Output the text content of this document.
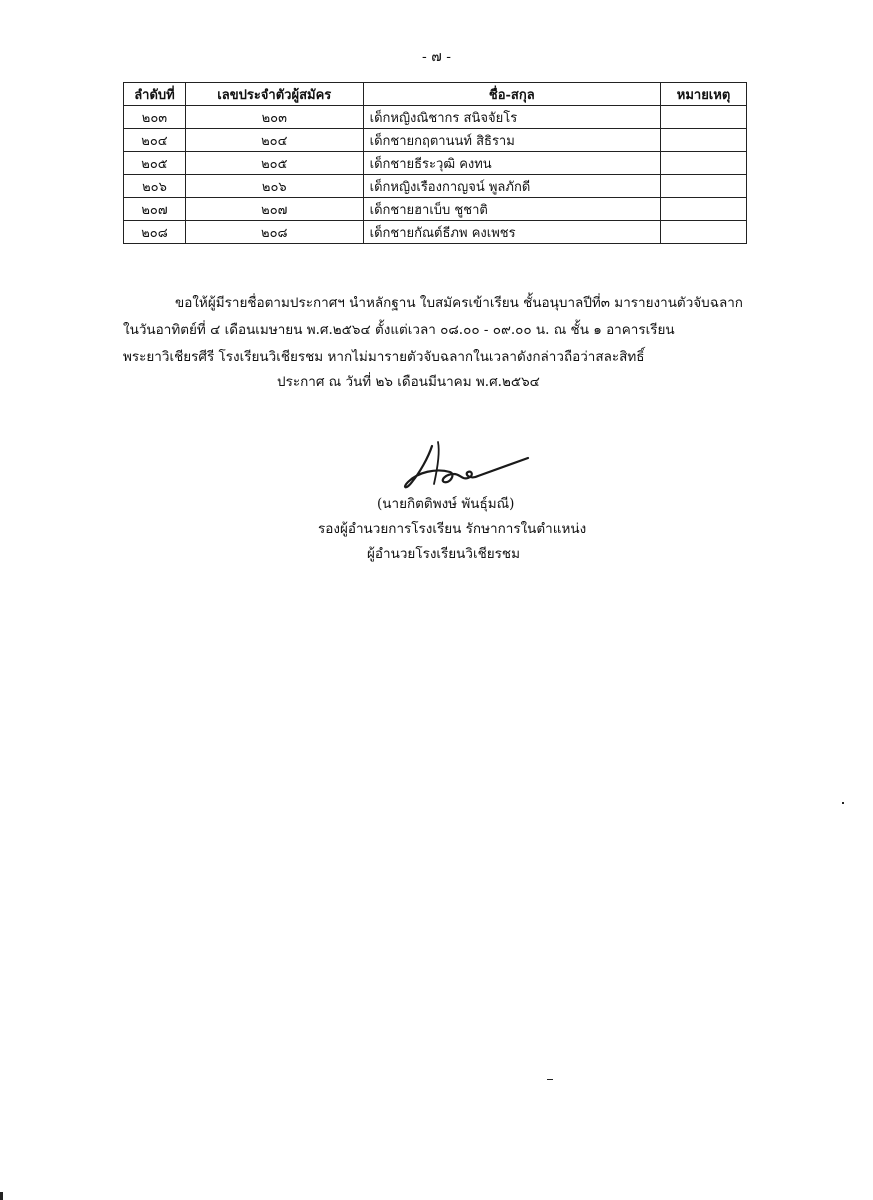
- ๗ -
ลำดับที่	เลขประจำตัวผู้สมัคร	ชื่อ-สกุล	หมายเหตุ
๒๐๓	๒๐๓	เด็กหญิงณิชากร สนิจจัยโร	
๒๐๔	๒๐๔	เด็กชายกฤตานนท์ สิธิราม	
๒๐๕	๒๐๕	เด็กชายธีระวุฒิ คงทน	
๒๐๖	๒๐๖	เด็กหญิงเรืองกาญจน์ พูลภักดี	
๒๐๗	๒๐๗	เด็กชายฮาเบ็บ ชูชาติ	
๒๐๘	๒๐๘	เด็กชายกัณต์ธีภพ คงเพชร	

ขอให้ผู้มีรายชื่อตามประกาศฯ นำหลักฐาน ใบสมัครเข้าเรียน ชั้นอนุบาลปีที่๓ มารายงานตัวจับฉลาก

ในวันอาทิตย์ที่ ๔ เดือนเมษายน พ.ศ.๒๕๖๔ ตั้งแต่เวลา ๐๘.๐๐ - ๐๙.๐๐ น. ณ ชั้น ๑ อาคารเรียน

พระยาวิเชียรศีรี โรงเรียนวิเชียรชม หากไม่มารายตัวจับฉลากในเวลาดังกล่าวถือว่าสละสิทธิ์

ประกาศ ณ วันที่ ๒๖ เดือนมีนาคม พ.ศ.๒๕๖๔
(นายกิตติพงษ์ พันธุ์มณี)
รองผู้อำนวยการโรงเรียน รักษาการในตำแหน่ง
ผู้อำนวยโรงเรียนวิเชียรชม
